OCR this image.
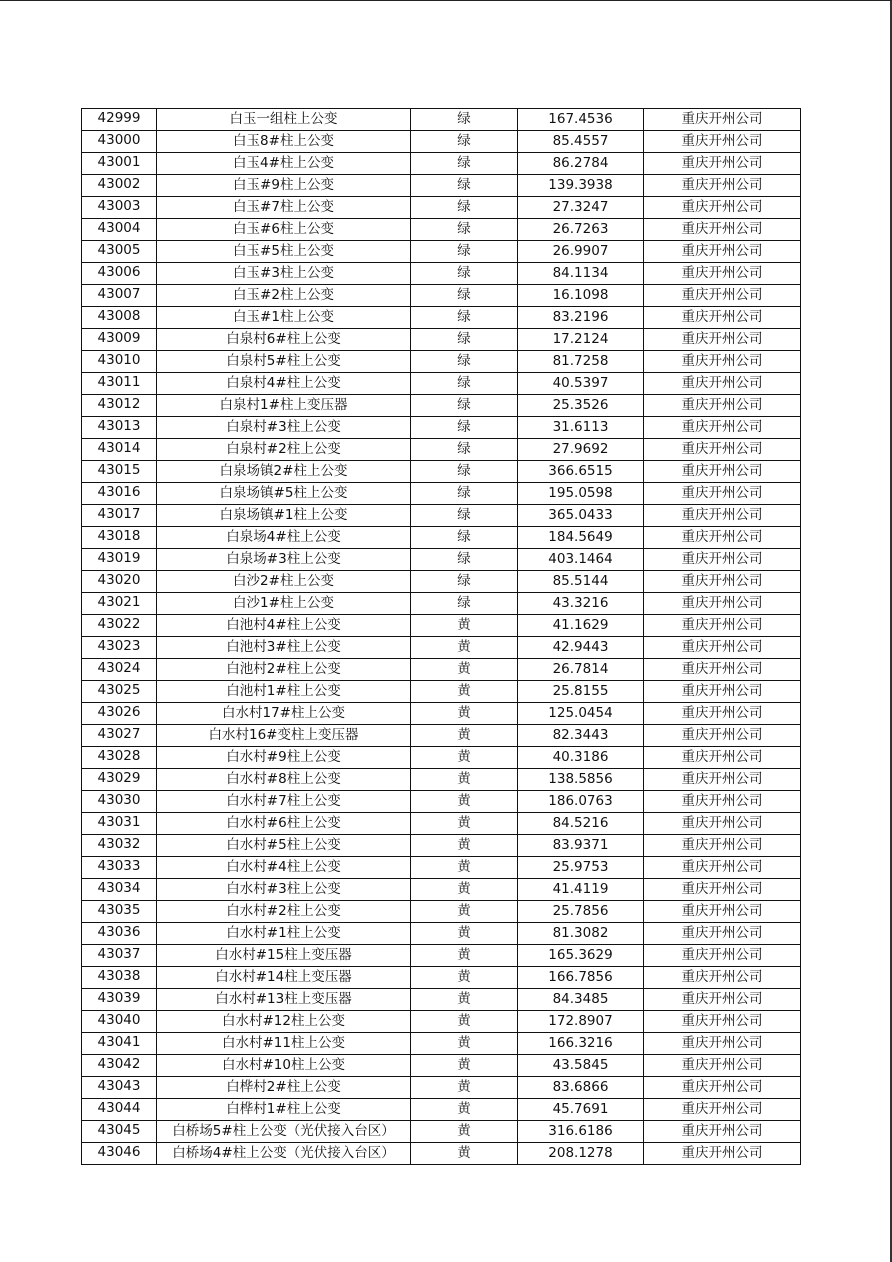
42999	白玉一组柱上公变	绿	167.4536	重庆开州公司
43000	白玉8#柱上公变	绿	85.4557	重庆开州公司
43001	白玉4#柱上公变	绿	86.2784	重庆开州公司
43002	白玉#9柱上公变	绿	139.3938	重庆开州公司
43003	白玉#7柱上公变	绿	27.3247	重庆开州公司
43004	白玉#6柱上公变	绿	26.7263	重庆开州公司
43005	白玉#5柱上公变	绿	26.9907	重庆开州公司
43006	白玉#3柱上公变	绿	84.1134	重庆开州公司
43007	白玉#2柱上公变	绿	16.1098	重庆开州公司
43008	白玉#1柱上公变	绿	83.2196	重庆开州公司
43009	白泉村6#柱上公变	绿	17.2124	重庆开州公司
43010	白泉村5#柱上公变	绿	81.7258	重庆开州公司
43011	白泉村4#柱上公变	绿	40.5397	重庆开州公司
43012	白泉村1#柱上变压器	绿	25.3526	重庆开州公司
43013	白泉村#3柱上公变	绿	31.6113	重庆开州公司
43014	白泉村#2柱上公变	绿	27.9692	重庆开州公司
43015	白泉场镇2#柱上公变	绿	366.6515	重庆开州公司
43016	白泉场镇#5柱上公变	绿	195.0598	重庆开州公司
43017	白泉场镇#1柱上公变	绿	365.0433	重庆开州公司
43018	白泉场4#柱上公变	绿	184.5649	重庆开州公司
43019	白泉场#3柱上公变	绿	403.1464	重庆开州公司
43020	白沙2#柱上公变	绿	85.5144	重庆开州公司
43021	白沙1#柱上公变	绿	43.3216	重庆开州公司
43022	白池村4#柱上公变	黄	41.1629	重庆开州公司
43023	白池村3#柱上公变	黄	42.9443	重庆开州公司
43024	白池村2#柱上公变	黄	26.7814	重庆开州公司
43025	白池村1#柱上公变	黄	25.8155	重庆开州公司
43026	白水村17#柱上公变	黄	125.0454	重庆开州公司
43027	白水村16#变柱上变压器	黄	82.3443	重庆开州公司
43028	白水村#9柱上公变	黄	40.3186	重庆开州公司
43029	白水村#8柱上公变	黄	138.5856	重庆开州公司
43030	白水村#7柱上公变	黄	186.0763	重庆开州公司
43031	白水村#6柱上公变	黄	84.5216	重庆开州公司
43032	白水村#5柱上公变	黄	83.9371	重庆开州公司
43033	白水村#4柱上公变	黄	25.9753	重庆开州公司
43034	白水村#3柱上公变	黄	41.4119	重庆开州公司
43035	白水村#2柱上公变	黄	25.7856	重庆开州公司
43036	白水村#1柱上公变	黄	81.3082	重庆开州公司
43037	白水村#15柱上变压器	黄	165.3629	重庆开州公司
43038	白水村#14柱上变压器	黄	166.7856	重庆开州公司
43039	白水村#13柱上变压器	黄	84.3485	重庆开州公司
43040	白水村#12柱上公变	黄	172.8907	重庆开州公司
43041	白水村#11柱上公变	黄	166.3216	重庆开州公司
43042	白水村#10柱上公变	黄	43.5845	重庆开州公司
43043	白桦村2#柱上公变	黄	83.6866	重庆开州公司
43044	白桦村1#柱上公变	黄	45.7691	重庆开州公司
43045	白桥场5#柱上公变（光伏接入台区）	黄	316.6186	重庆开州公司
43046	白桥场4#柱上公变（光伏接入台区）	黄	208.1278	重庆开州公司
